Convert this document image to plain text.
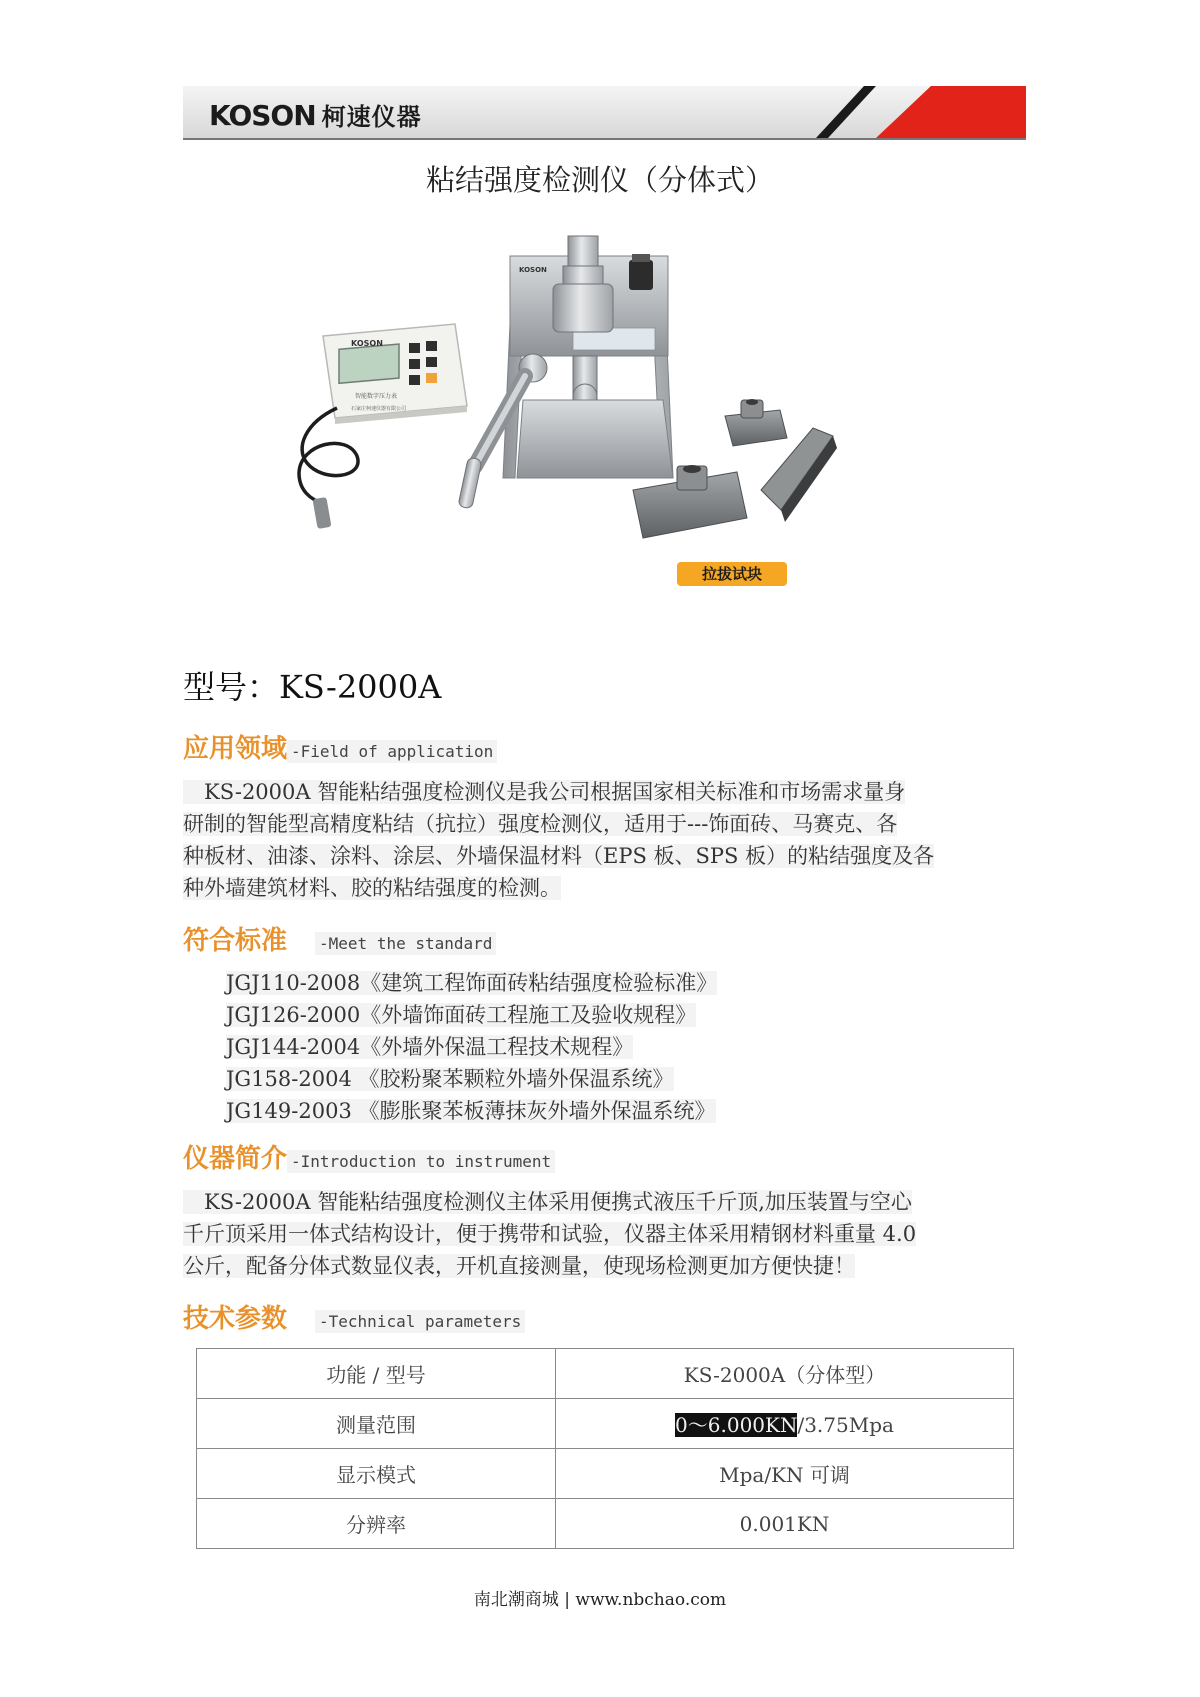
KOSON 柯速仪器
粘结强度检测仪（分体式）
KOSON
智能数字压力表
石家庄柯速仪器有限公司
KOSON
拉拔试块
型号：KS-2000A
应用领域 -Field of application
　KS-2000A 智能粘结强度检测仪是我公司根据国家相关标准和市场需求量身
研制的智能型高精度粘结（抗拉）强度检测仪，适用于---饰面砖、马赛克、各
种板材、油漆、涂料、涂层、外墙保温材料（EPS 板、SPS 板）的粘结强度及各
种外墙建筑材料、胶的粘结强度的检测。
符合标准 -Meet the standard
JGJ110-2008《建筑工程饰面砖粘结强度检验标准》
JGJ126-2000《外墙饰面砖工程施工及验收规程》
JGJ144-2004《外墙外保温工程技术规程》
JG158-2004 《胶粉聚苯颗粒外墙外保温系统》
JG149-2003 《膨胀聚苯板薄抹灰外墙外保温系统》
仪器简介 -Introduction to instrument
　KS-2000A 智能粘结强度检测仪主体采用便携式液压千斤顶,加压装置与空心
千斤顶采用一体式结构设计，便于携带和试验，仪器主体采用精钢材料重量 4.0
公斤，配备分体式数显仪表，开机直接测量，使现场检测更加方便快捷！
技术参数 -Technical parameters
功能 / 型号	KS-2000A（分体型）
测量范围	0～6.000KN/3.75Mpa
显示模式	Mpa/KN 可调
分辨率	0.001KN
南北潮商城 | www.nbchao.com
